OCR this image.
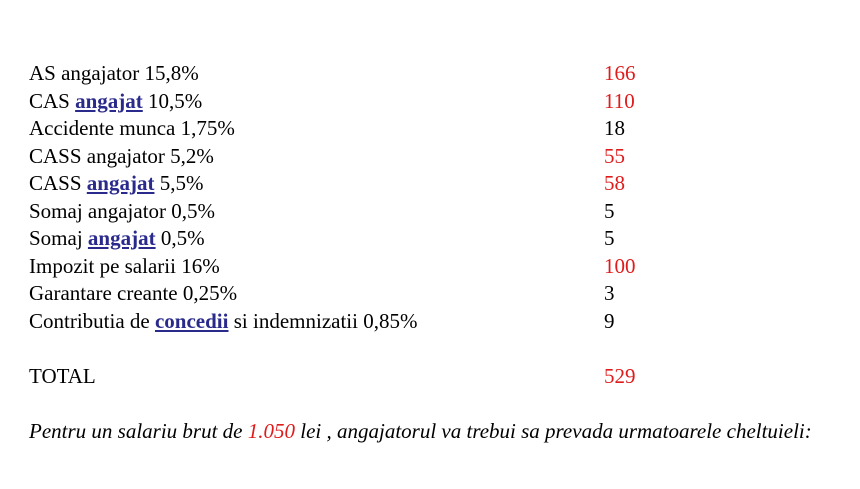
AS angajator 15,8%	166
CAS angajat 10,5%	110
Accidente munca 1,75%	18
CASS angajator 5,2%	55
CASS angajat 5,5%	58
Somaj angajator 0,5%	5
Somaj angajat 0,5%	5
Impozit pe salarii 16%	100
Garantare creante 0,25%	3
Contributia de concedii si indemnizatii 0,85%	9
TOTAL	529
Pentru un salariu brut de 1.050 lei , angajatorul va trebui sa prevada urmatoarele cheltuieli:
